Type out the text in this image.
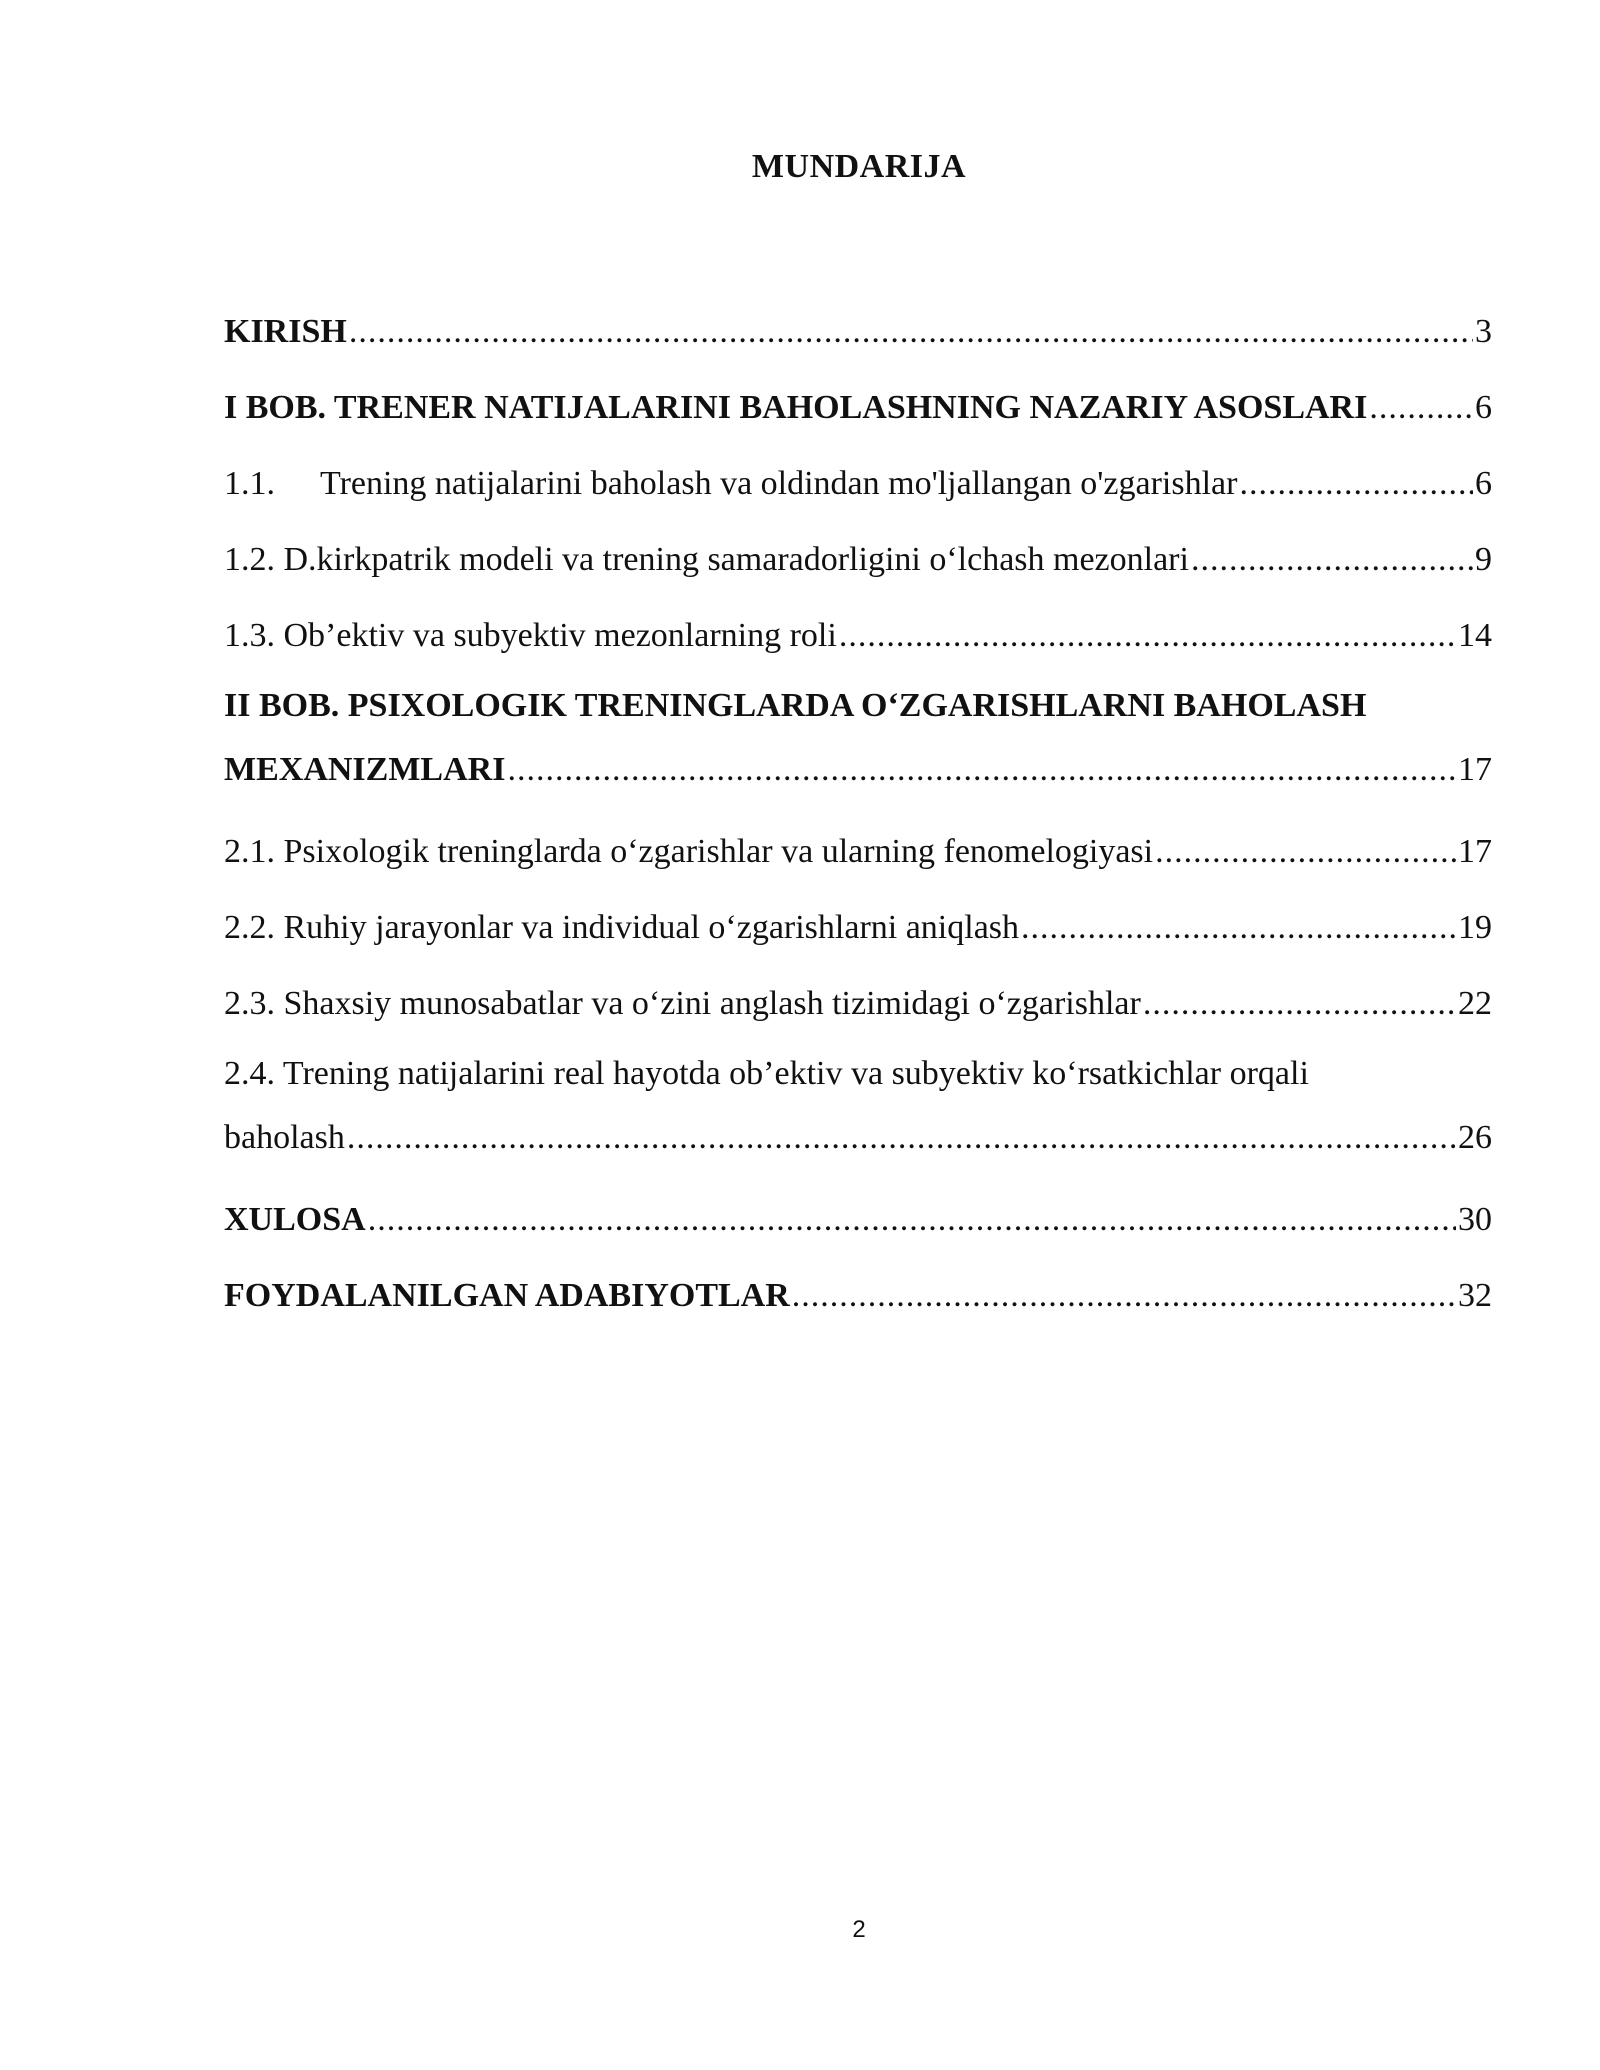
MUNDARIJA
KIRISH .....	3
I BOB. TRENER NATIJALARINI BAHOLASHNING NAZARIY ASOSLARI .....	6
1.1. Trening natijalarini baholash va oldindan mo'ljallangan o'zgarishlar .....	6
1.2. D.kirkpatrik modeli va trening samaradorligini o‘lchash mezonlari .....	9
1.3. Ob’ektiv va subyektiv mezonlarning roli .....	14
II BOB. PSIXOLOGIK TRENINGLARDA O‘ZGARISHLARNI BAHOLASH
MEXANIZMLARI .....	17
2.1. Psixologik treninglarda o‘zgarishlar va ularning fenomelogiyasi .....	17
2.2. Ruhiy jarayonlar va individual o‘zgarishlarni aniqlash .....	19
2.3. Shaxsiy munosabatlar va o‘zini anglash tizimidagi o‘zgarishlar .....	22
2.4. Trening natijalarini real hayotda ob’ektiv va subyektiv ko‘rsatkichlar orqali
baholash .....	26
XULOSA .....	30
FOYDALANILGAN ADABIYOTLAR .....	32
2
